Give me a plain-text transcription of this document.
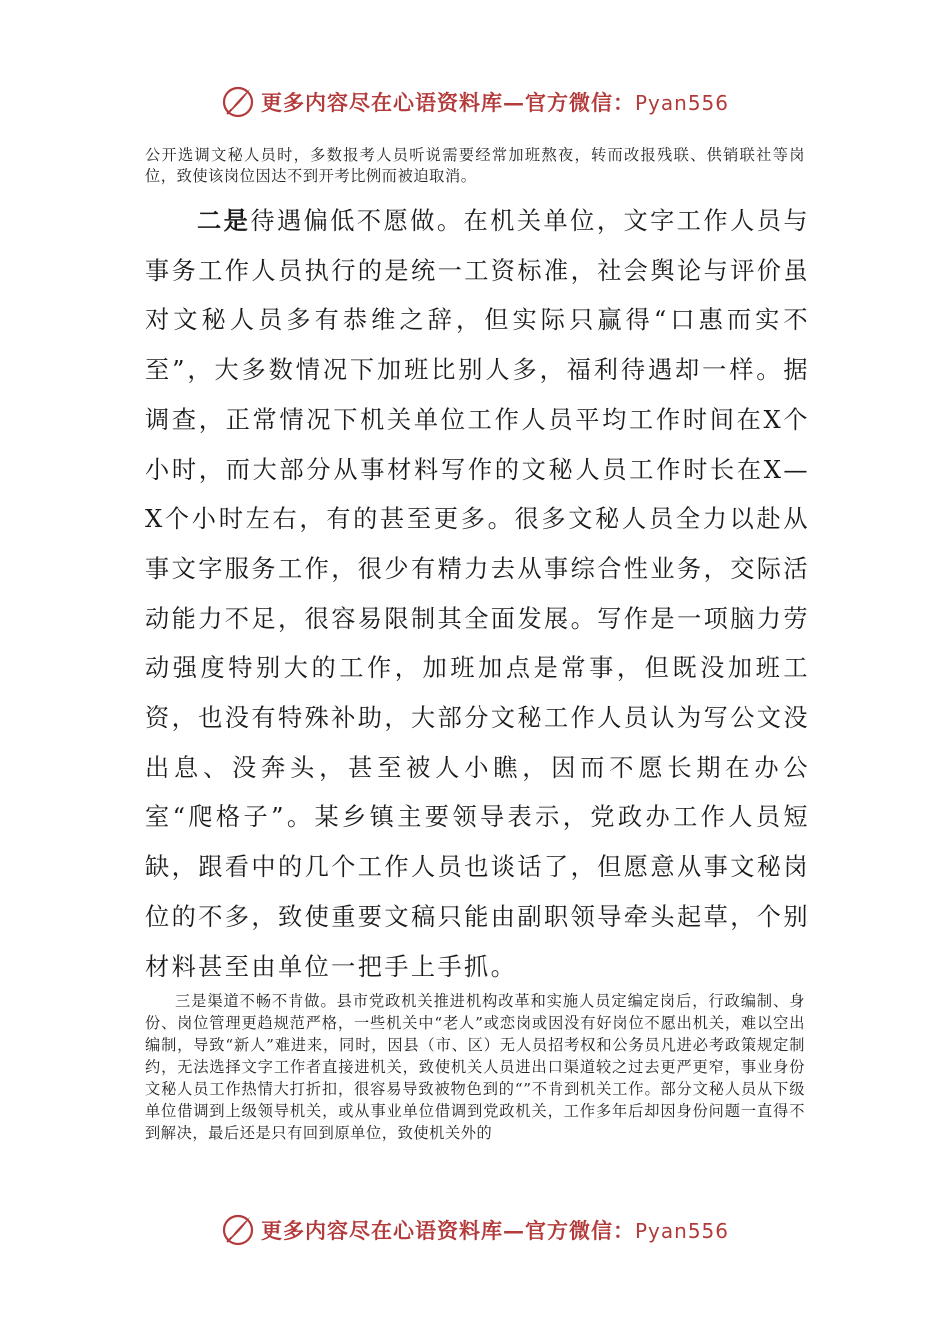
更多内容尽在心语资料库—官方微信：Pyan556

公开选调文秘人员时，多数报考人员听说需要经常加班熬夜，转而改报残联、供销联社等岗位，致使该岗位因达不到开考比例而被迫取消。

二是待遇偏低不愿做。在机关单位，文字工作人员与事务工作人员执行的是统一工资标准，社会舆论与评价虽对文秘人员多有恭维之辞，但实际只赢得“口惠而实不至”，大多数情况下加班比别人多，福利待遇却一样。据调查，正常情况下机关单位工作人员平均工作时间在X个小时，而大部分从事材料写作的文秘人员工作时长在X—X个小时左右，有的甚至更多。很多文秘人员全力以赴从事文字服务工作，很少有精力去从事综合性业务，交际活动能力不足，很容易限制其全面发展。写作是一项脑力劳动强度特别大的工作，加班加点是常事，但既没加班工资，也没有特殊补助，大部分文秘工作人员认为写公文没出息、没奔头，甚至被人小瞧，因而不愿长期在办公室“爬格子”。某乡镇主要领导表示，党政办工作人员短缺，跟看中的几个工作人员也谈话了，但愿意从事文秘岗位的不多，致使重要文稿只能由副职领导牵头起草，个别材料甚至由单位一把手上手抓。

三是渠道不畅不肯做。县市党政机关推进机构改革和实施人员定编定岗后，行政编制、身份、岗位管理更趋规范严格，一些机关中“老人”或恋岗或因没有好岗位不愿出机关，难以空出编制，导致“新人”难进来，同时，因县（市、区）无人员招考权和公务员凡进必考政策规定制约，无法选择文字工作者直接进机关，致使机关人员进出口渠道较之过去更严更窄，事业身份文秘人员工作热情大打折扣，很容易导致被物色到的“”不肯到机关工作。部分文秘人员从下级单位借调到上级领导机关，或从事业单位借调到党政机关，工作多年后却因身份问题一直得不到解决，最后还是只有回到原单位，致使机关外的

更多内容尽在心语资料库—官方微信：Pyan556
